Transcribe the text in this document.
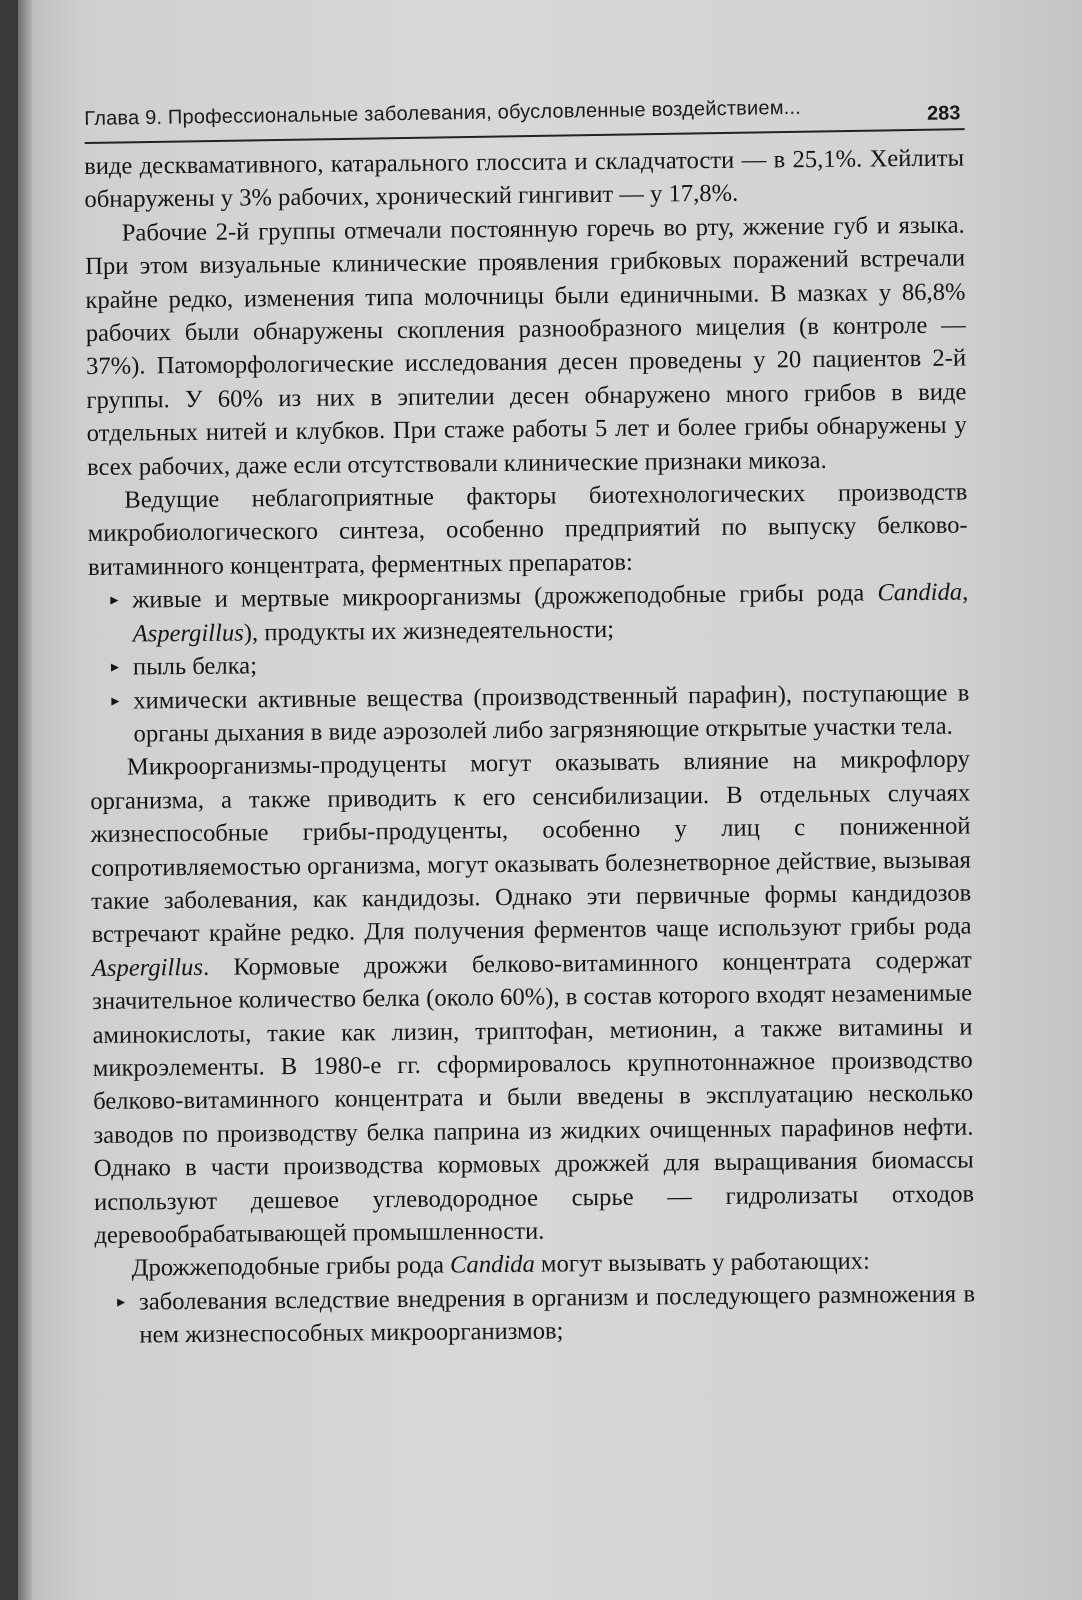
Глава 9. Профессиональные заболевания, обусловленные воздействием...	283

виде десквамативного, катарального глоссита и складчатости — в 25,1%. Хейлиты обнаружены у 3% рабочих, хронический гингивит — у 17,8%.

Рабочие 2-й группы отмечали постоянную горечь во рту, жжение губ и языка. При этом визуальные клинические проявления грибковых поражений встречали крайне редко, изменения типа молочницы были единичными. В мазках у 86,8% рабочих были обнаружены скопления разнообразного мицелия (в контроле — 37%). Патоморфологические исследования десен проведены у 20 пациентов 2-й группы. У 60% из них в эпителии десен обнаружено много грибов в виде отдельных нитей и клубков. При стаже работы 5 лет и более грибы обнаружены у всех рабочих, даже если отсутствовали клинические признаки микоза.

Ведущие неблагоприятные факторы биотехнологических производств микробиологического синтеза, особенно предприятий по выпуску белково-витаминного концентрата, ферментных препаратов:

▸ живые и мертвые микроорганизмы (дрожжеподобные грибы рода Candida, Aspergillus), продукты их жизнедеятельности;
▸ пыль белка;
▸ химически активные вещества (производственный парафин), поступающие в органы дыхания в виде аэрозолей либо загрязняющие открытые участки тела.

Микроорганизмы-продуценты могут оказывать влияние на микрофлору организма, а также приводить к его сенсибилизации. В отдельных случаях жизнеспособные грибы-продуценты, особенно у лиц с пониженной сопротивляемостью организма, могут оказывать болезнетворное действие, вызывая такие заболевания, как кандидозы. Однако эти первичные формы кандидозов встречают крайне редко. Для получения ферментов чаще используют грибы рода Aspergillus. Кормовые дрожжи белково-витаминного концентрата содержат значительное количество белка (около 60%), в состав которого входят незаменимые аминокислоты, такие как лизин, триптофан, метионин, а также витамины и микроэлементы. В 1980-е гг. сформировалось крупнотоннажное производство белково-витаминного концентрата и были введены в эксплуатацию несколько заводов по производству белка паприна из жидких очищенных парафинов нефти. Однако в части производства кормовых дрожжей для выращивания биомассы используют дешевое углеводородное сырье — гидролизаты отходов деревообрабатывающей промышленности.

Дрожжеподобные грибы рода Candida могут вызывать у работающих:

▸ заболевания вследствие внедрения в организм и последующего размножения в нем жизнеспособных микроорганизмов;
